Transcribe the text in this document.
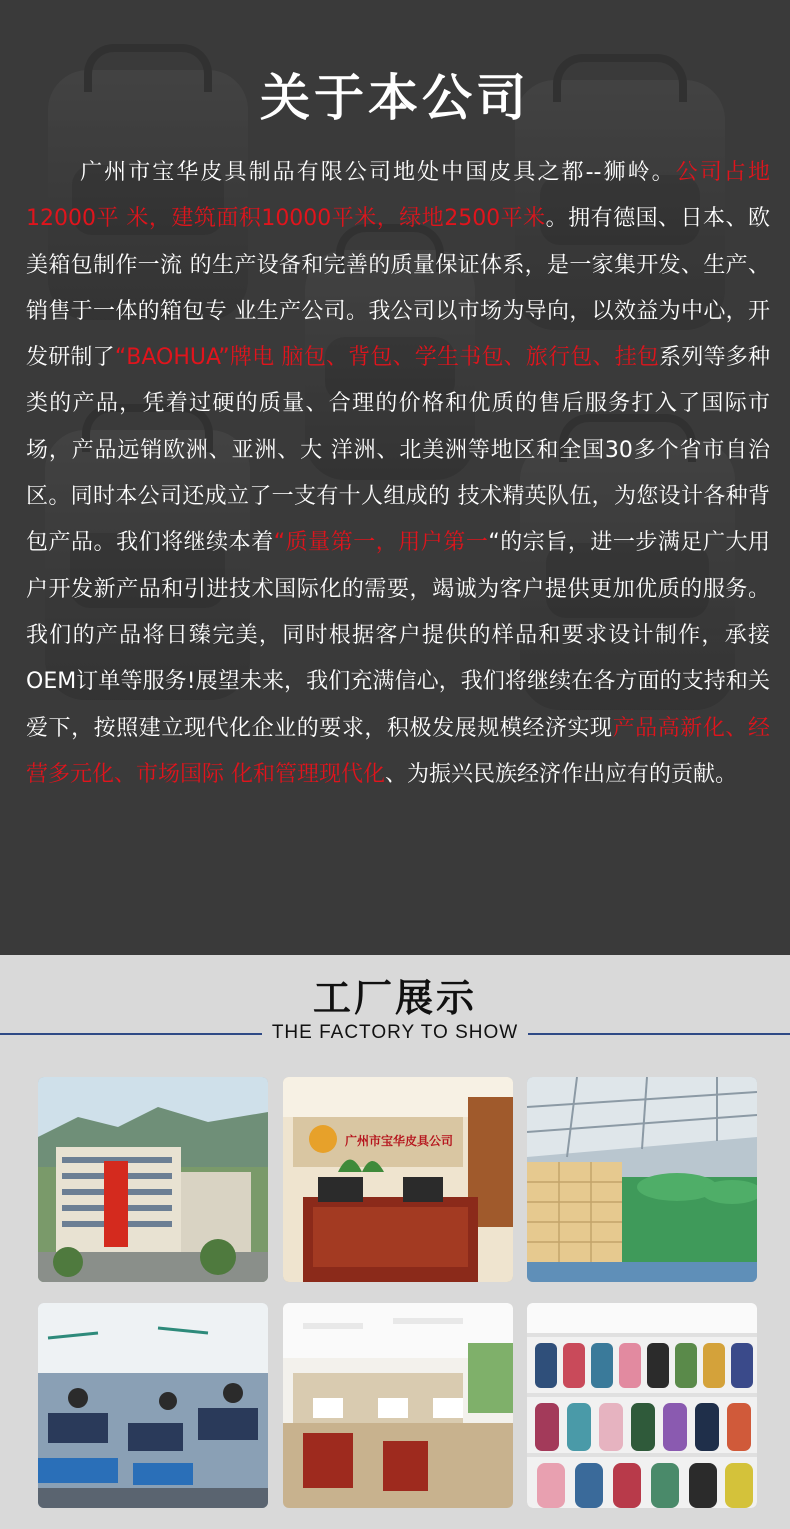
关于本公司

广州市宝华皮具制品有限公司地处中国皮具之都--狮岭。公司占地12000平 米，建筑面积10000平米，绿地2500平米。拥有德国、日本、欧美箱包制作一流 的生产设备和完善的质量保证体系，是一家集开发、生产、销售于一体的箱包专 业生产公司。我公司以市场为导向，以效益为中心，开发研制了“BAOHUA”牌电 脑包、背包、学生书包、旅行包、挂包系列等多种类的产品，凭着过硬的质量、合理的价格和优质的售后服务打入了国际市场，产品远销欧洲、亚洲、大 洋洲、北美洲等地区和全国30多个省市自治区。同时本公司还成立了一支有十人组成的 技术精英队伍，为您设计各种背包产品。我们将继续本着“质量第一，用户第一“的宗旨，进一步满足广大用户开发新产品和引进技术国际化的需要，竭诚为客户提供更加优质的服务。我们的产品将日臻完美，同时根据客户提供的样品和要求设计制作，承接OEM订单等服务!展望未来，我们充满信心，我们将继续在各方面的支持和关爱下，按照建立现代化企业的要求，积极发展规模经济实现产品高新化、经营多元化、市场国际 化和管理现代化、为振兴民族经济作出应有的贡献。

工厂展示
THE FACTORY TO SHOW
广州市宝华皮具公司
